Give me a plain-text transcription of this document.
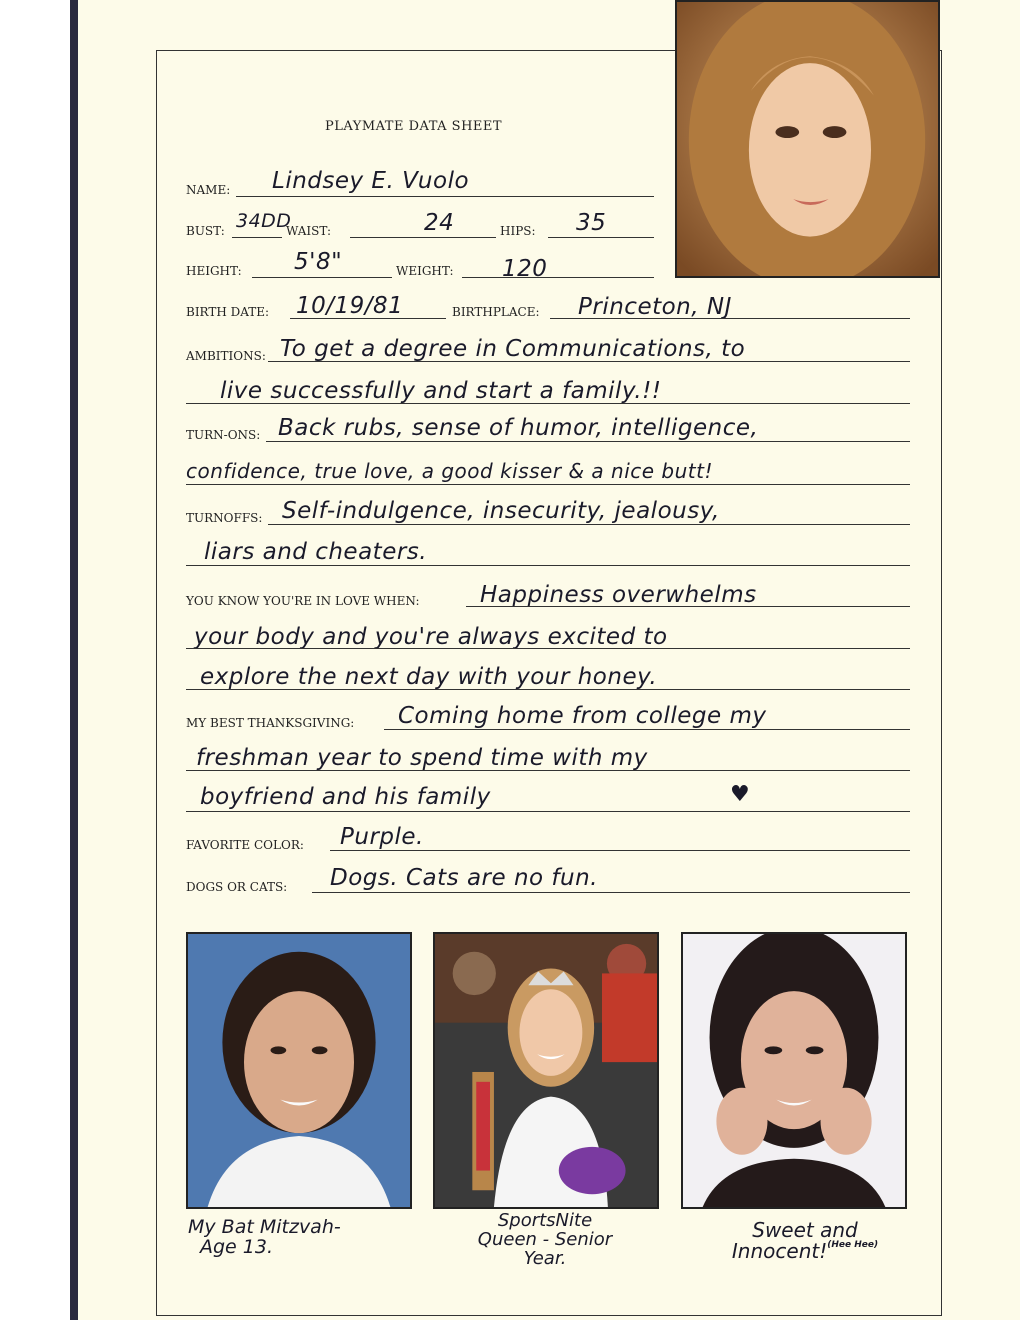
PLAYMATE DATA SHEET
NAME: Lindsey E. Vuolo
BUST: 34DD
WAIST:	24	HIPS: 35
HEIGHT: 5'8"	WEIGHT: 120
BIRTH DATE: 10/19/81	BIRTHPLACE: Princeton, NJ
AMBITIONS: To get a degree in Communications, to
live successfully and start a family.!!
TURN-ONS: Back rubs, sense of humor, intelligence,
confidence, true love, a good kisser & a nice butt!
TURNOFFS: Self-indulgence, insecurity, jealousy,
liars and cheaters.
YOU KNOW YOU'RE IN LOVE WHEN:	Happiness overwhelms
your body and you're always excited to
explore the next day with your honey.
MY BEST THANKSGIVING: Coming home from college my
freshman year to spend time with my
boyfriend and his family	♥
FAVORITE COLOR: Purple.
DOGS OR CATS: Dogs. Cats are no fun.
My Bat Mitzvah-
Age 13.
SportsNite
Queen - Senior
Year.
Sweet and
Innocent!$^{(Hee Hee)}$
